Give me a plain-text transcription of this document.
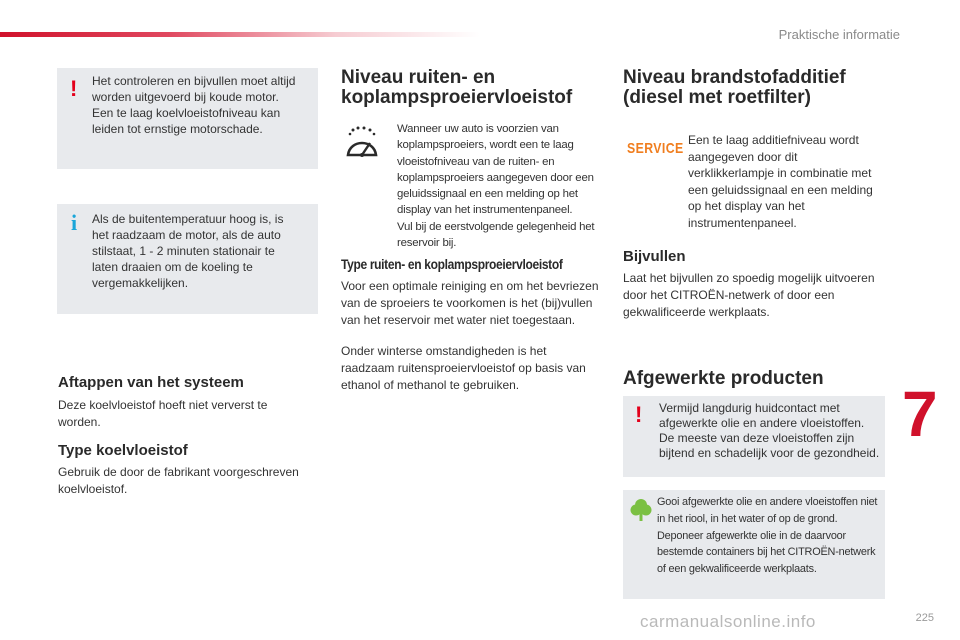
Praktische informatie
! Het controleren en bijvullen moet altijd worden uitgevoerd bij koude motor.
Een te laag koelvloeistofniveau kan leiden tot ernstige motorschade.
i Als de buitentemperatuur hoog is, is het raadzaam de motor, als de auto stilstaat, 1 - 2 minuten stationair te laten draaien om de koeling te vergemakkelijken.
Aftappen van het systeem
Deze koelvloeistof hoeft niet ververst te worden.
Type koelvloeistof
Gebruik de door de fabrikant voorgeschreven koelvloeistof.
Niveau ruiten- en koplampsproeiervloeistof
Wanneer uw auto is voorzien van koplampsproeiers, wordt een te laag vloeistofniveau van de ruiten- en koplampsproeiers aangegeven door een geluidssignaal en een melding op het display van het instrumentenpaneel.
Vul bij de eerstvolgende gelegenheid het reservoir bij.
Type ruiten- en koplampsproeiervloeistof
Voor een optimale reiniging en om het bevriezen van de sproeiers te voorkomen is het (bij)vullen van het reservoir met water niet toegestaan.
Onder winterse omstandigheden is het raadzaam ruitensproeiervloeistof op basis van ethanol of methanol te gebruiken.
Niveau brandstofadditief (diesel met roetfilter)
SERVICE Een te laag additiefniveau wordt aangegeven door dit verklikkerlampje in combinatie met een geluidssignaal en een melding op het display van het instrumentenpaneel.
Bijvullen
Laat het bijvullen zo spoedig mogelijk uitvoeren door het CITROËN-netwerk of door een gekwalificeerde werkplaats.
Afgewerkte producten
! Vermijd langdurig huidcontact met afgewerkte olie en andere vloeistoffen.
De meeste van deze vloeistoffen zijn bijtend en schadelijk voor de gezondheid.
Gooi afgewerkte olie en andere vloeistoffen niet in het riool, in het water of op de grond.
Deponeer afgewerkte olie in de daarvoor bestemde containers bij het CITROËN-netwerk of een gekwalificeerde werkplaats.
7
carmanualsonline.info	225
